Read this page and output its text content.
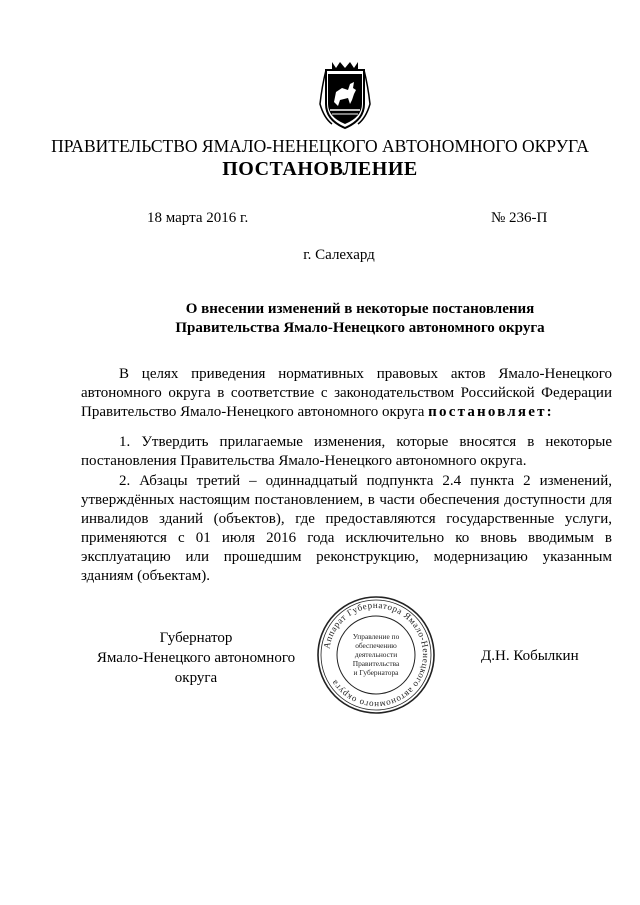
ПРАВИТЕЛЬСТВО ЯМАЛО-НЕНЕЦКОГО АВТОНОМНОГО ОКРУГА
ПОСТАНОВЛЕНИЕ
18 марта 2016 г.	№ 236-П
г. Салехард
О внесении изменений в некоторые постановления
Правительства Ямало-Ненецкого автономного округа
В целях приведения нормативных правовых актов Ямало-Ненецкого автономного округа в соответствие с законодательством Российской Федерации Правительство Ямало-Ненецкого автономного округа постановляет:
1. Утвердить прилагаемые изменения, которые вносятся в некоторые постановления Правительства Ямало-Ненецкого автономного округа.
2. Абзацы третий – одиннадцатый подпункта 2.4 пункта 2 изменений, утверждённых настоящим постановлением, в части обеспечения доступности для инвалидов зданий (объектов), где предоставляются государственные услуги, применяются с 01 июля 2016 года исключительно ко вновь вводимым в эксплуатацию или прошедшим реконструкцию, модернизацию указанным зданиям (объектам).
Губернатор
Ямало-Ненецкого автономного округа
Аппарат Губернатора Ямало-Ненецкого автономного округа
Управление по
обеспечению
деятельности
Правительства
и Губернатора
Д.Н. Кобылкин
